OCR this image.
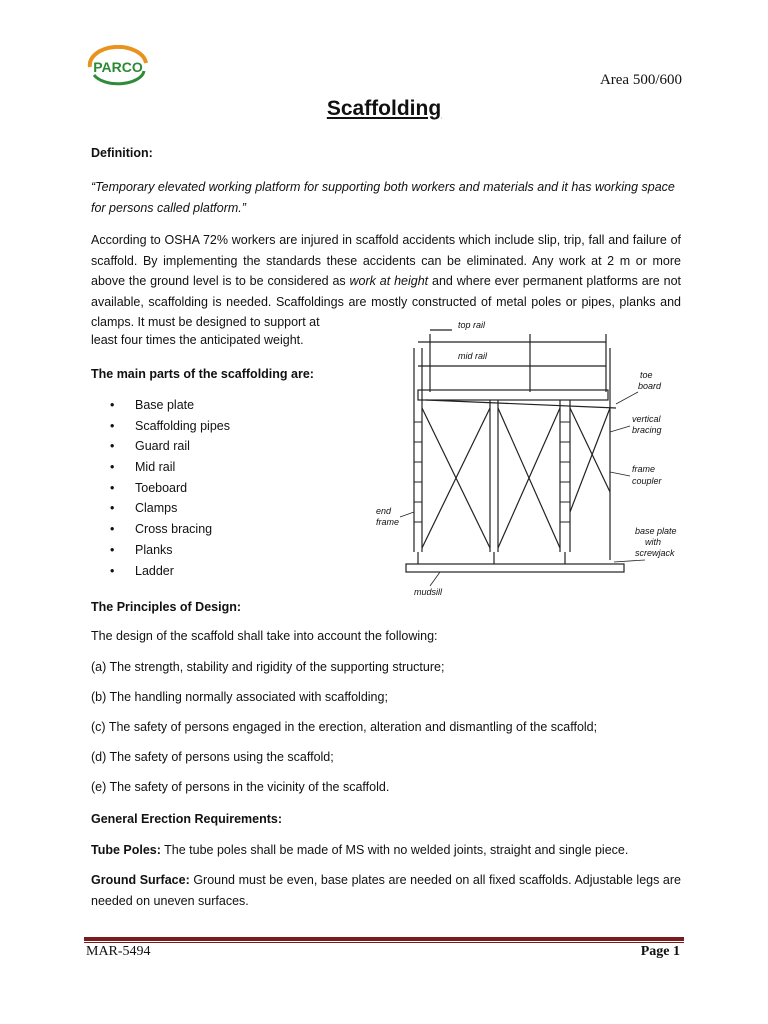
PARCO
Area 500/600
Scaffolding
Definition:
“Temporary elevated working platform for supporting both workers and materials and it has working space for persons called platform.”
According to OSHA 72% workers are injured in scaffold accidents which include slip, trip, fall and failure of scaffold. By implementing the standards these accidents can be eliminated. Any work at 2 m or more above the ground level is to be considered as work at height and where ever permanent platforms are not available, scaffolding is needed. Scaffoldings are mostly constructed of metal poles or pipes, planks and clamps. It must be designed to support at
least four times the anticipated weight.
The main parts of the scaffolding are:
• Base plate
• Scaffolding pipes
• Guard rail
• Mid rail
• Toeboard
• Clamps
• Cross bracing
• Planks
• Ladder
top rail
mid rail
toe
board
vertical
bracing
frame
coupler
end
frame
base plate
with
screwjack
mudsill
The Principles of Design:
The design of the scaffold shall take into account the following:
(a) The strength, stability and rigidity of the supporting structure;
(b) The handling normally associated with scaffolding;
(c) The safety of persons engaged in the erection, alteration and dismantling of the scaffold;
(d) The safety of persons using the scaffold;
(e) The safety of persons in the vicinity of the scaffold.
General Erection Requirements:
Tube Poles: The tube poles shall be made of MS with no welded joints, straight and single piece.
Ground Surface: Ground must be even, base plates are needed on all fixed scaffolds. Adjustable legs are needed on uneven surfaces.
MAR-5494	Page 1
